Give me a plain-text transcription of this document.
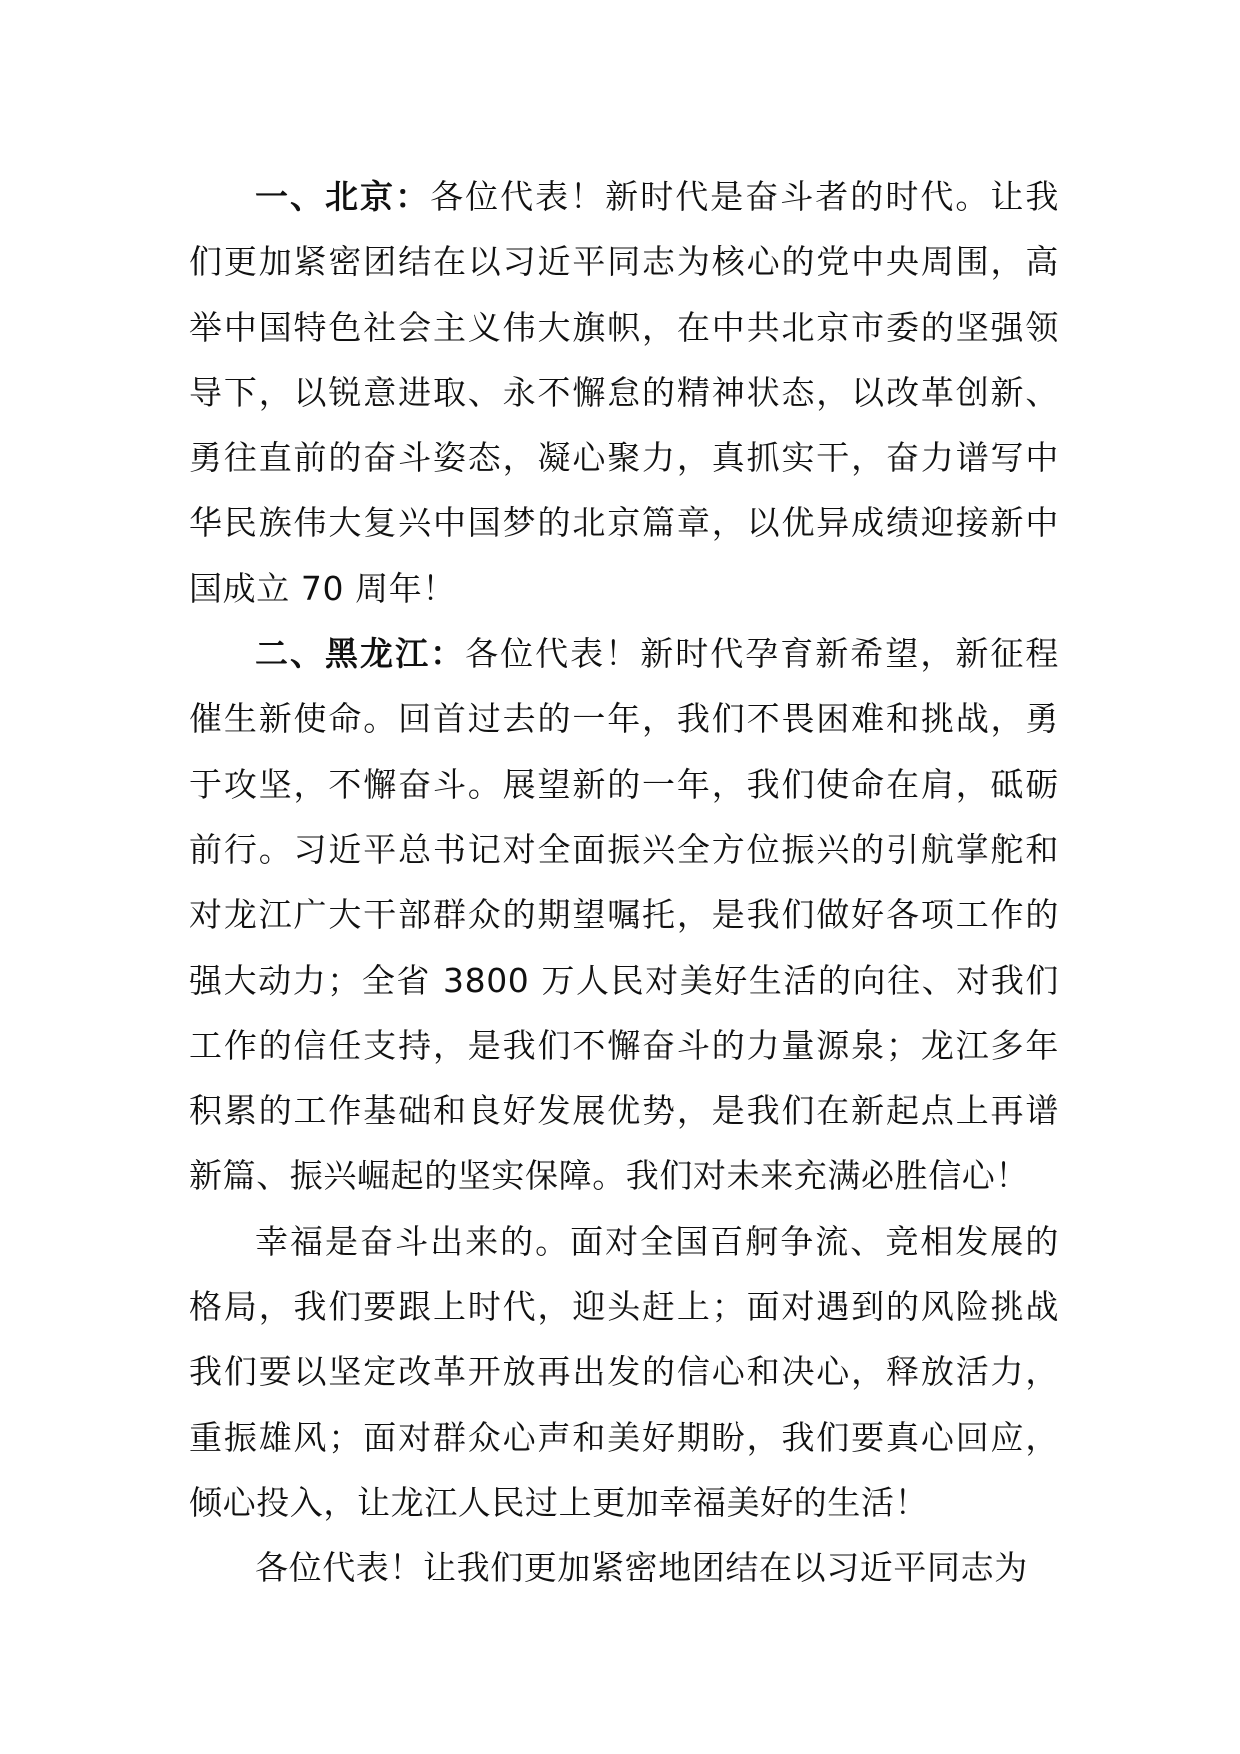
一、北京：各位代表！新时代是奋斗者的时代。让我们更加紧密团结在以习近平同志为核心的党中央周围，高举中国特色社会主义伟大旗帜，在中共北京市委的坚强领导下，以锐意进取、永不懈怠的精神状态，以改革创新、勇往直前的奋斗姿态，凝心聚力，真抓实干，奋力谱写中华民族伟大复兴中国梦的北京篇章，以优异成绩迎接新中国成立 70 周年！

二、黑龙江：各位代表！新时代孕育新希望，新征程催生新使命。回首过去的一年，我们不畏困难和挑战，勇于攻坚，不懈奋斗。展望新的一年，我们使命在肩，砥砺前行。习近平总书记对全面振兴全方位振兴的引航掌舵和对龙江广大干部群众的期望嘱托，是我们做好各项工作的强大动力；全省 3800 万人民对美好生活的向往、对我们工作的信任支持，是我们不懈奋斗的力量源泉；龙江多年积累的工作基础和良好发展优势，是我们在新起点上再谱新篇、振兴崛起的坚实保障。我们对未来充满必胜信心！

幸福是奋斗出来的。面对全国百舸争流、竞相发展的格局，我们要跟上时代，迎头赶上；面对遇到的风险挑战我们要以坚定改革开放再出发的信心和决心，释放活力，重振雄风；面对群众心声和美好期盼，我们要真心回应，倾心投入，让龙江人民过上更加幸福美好的生活！

各位代表！让我们更加紧密地团结在以习近平同志为
